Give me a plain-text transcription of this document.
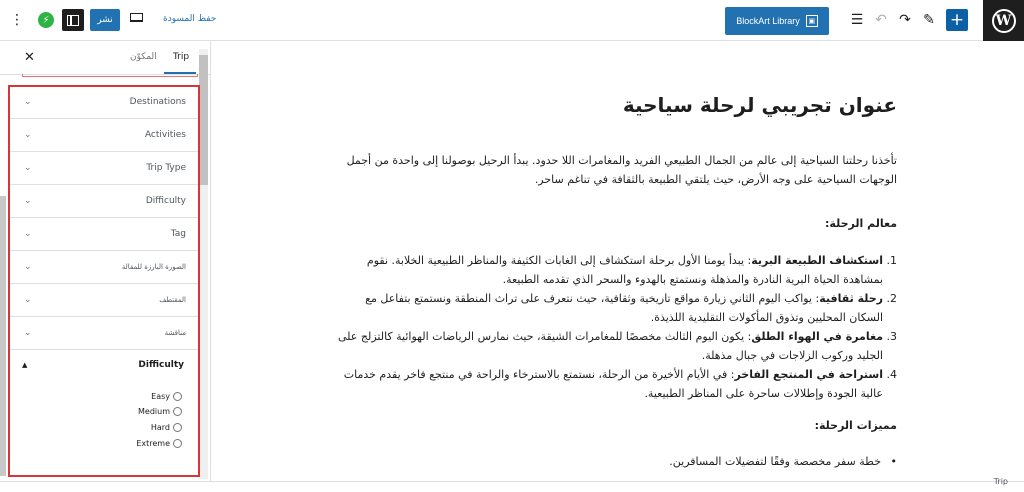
W
+
✎
↷
↶
☰
BlockArt Library	▣
⋮	⚡	نشر	حفظ المسودة
✕	المكوّن Trip
⌄	Destinations
⌄	Activities
⌄	Trip Type
⌄	Difficulty
⌄	Tag
⌄	الصورة البارزة للمقالة
⌄	المقتطف
⌄	مناقشة
▲	Difficulty
Easy
Medium
Hard
Extreme
عنوان تجريبي لرحلة سياحية
تأخذنا رحلتنا السياحية إلى عالم من الجمال الطبيعي الفريد والمغامرات اللا حدود. يبدأ الرحيل بوصولنا إلى واحدة من أجمل الوجهات السياحية على وجه الأرض، حيث يلتقي الطبيعة بالثقافة في تناغم ساحر.
معالم الرحلة:
1.
استكشاف الطبيعة البرية: يبدأ يومنا الأول برحلة استكشاف إلى الغابات الكثيفة والمناظر الطبيعية الخلابة. نقوم بمشاهدة الحياة البرية النادرة والمذهلة ونستمتع بالهدوء والسحر الذي تقدمه الطبيعة.
2.
رحلة ثقافية: يواكب اليوم الثاني زيارة مواقع تاريخية وثقافية، حيث نتعرف على تراث المنطقة ونستمتع بتفاعل مع السكان المحليين وتذوق المأكولات التقليدية اللذيذة.
3.
مغامرة في الهواء الطلق: يكون اليوم الثالث مخصصًا للمغامرات الشيقة، حيث نمارس الرياضات الهوائية كالتزلج على الجليد وركوب الزلاجات في جبال مذهلة.
4.
استراحة في المنتجع الفاخر: في الأيام الأخيرة من الرحلة، نستمتع بالاسترخاء والراحة في منتجع فاخر يقدم خدمات عالية الجودة وإطلالات ساحرة على المناظر الطبيعية.
مميزات الرحلة:
• خطة سفر مخصصة وفقًا لتفضيلات المسافرين.
Trip
